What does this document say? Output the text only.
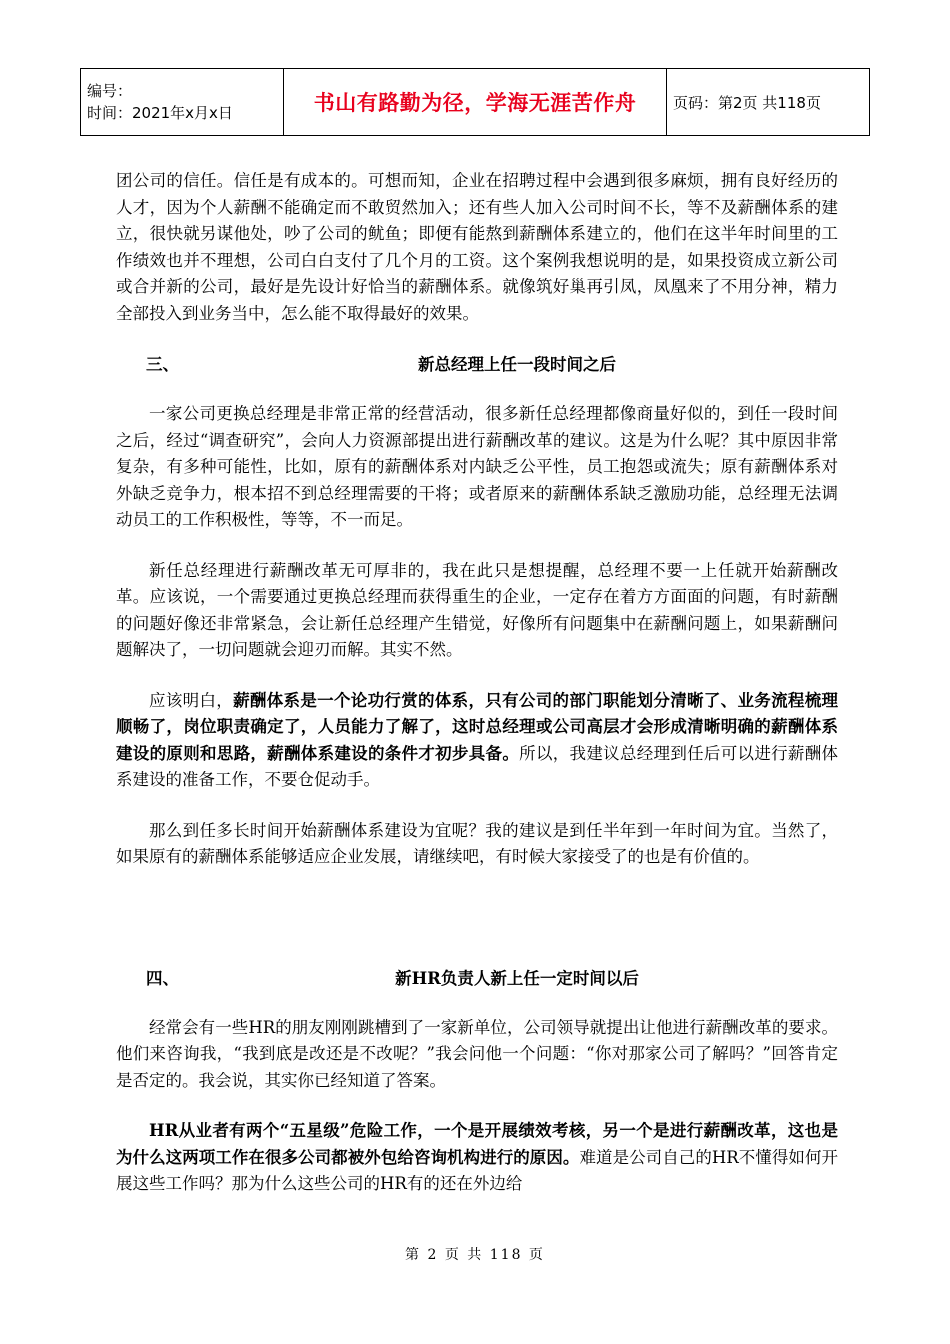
编号：
时间：2021年x月x日	书山有路勤为径，学海无涯苦作舟	页码：第2页 共118页

团公司的信任。信任是有成本的。可想而知，企业在招聘过程中会遇到很多麻烦，拥有良好经历的人才，因为个人薪酬不能确定而不敢贸然加入；还有些人加入公司时间不长，等不及薪酬体系的建立，很快就另谋他处，吵了公司的鱿鱼；即便有能熬到薪酬体系建立的，他们在这半年时间里的工作绩效也并不理想，公司白白支付了几个月的工资。这个案例我想说明的是，如果投资成立新公司或合并新的公司，最好是先设计好恰当的薪酬体系。就像筑好巢再引凤，凤凰来了不用分神，精力全部投入到业务当中，怎么能不取得最好的效果。

三、	新总经理上任一段时间之后

一家公司更换总经理是非常正常的经营活动，很多新任总经理都像商量好似的，到任一段时间之后，经过“调查研究”，会向人力资源部提出进行薪酬改革的建议。这是为什么呢？其中原因非常复杂，有多种可能性，比如，原有的薪酬体系对内缺乏公平性，员工抱怨或流失；原有薪酬体系对外缺乏竞争力，根本招不到总经理需要的干将；或者原来的薪酬体系缺乏激励功能，总经理无法调动员工的工作积极性，等等，不一而足。

新任总经理进行薪酬改革无可厚非的，我在此只是想提醒，总经理不要一上任就开始薪酬改革。应该说，一个需要通过更换总经理而获得重生的企业，一定存在着方方面面的问题，有时薪酬的问题好像还非常紧急，会让新任总经理产生错觉，好像所有问题集中在薪酬问题上，如果薪酬问题解决了，一切问题就会迎刃而解。其实不然。

应该明白，薪酬体系是一个论功行赏的体系，只有公司的部门职能划分清晰了、业务流程梳理顺畅了，岗位职责确定了，人员能力了解了，这时总经理或公司高层才会形成清晰明确的薪酬体系建设的原则和思路，薪酬体系建设的条件才初步具备。所以，我建议总经理到任后可以进行薪酬体系建设的准备工作，不要仓促动手。

那么到任多长时间开始薪酬体系建设为宜呢？我的建议是到任半年到一年时间为宜。当然了，如果原有的薪酬体系能够适应企业发展，请继续吧，有时候大家接受了的也是有价值的。

四、	新HR负责人新上任一定时间以后

经常会有一些HR的朋友刚刚跳槽到了一家新单位，公司领导就提出让他进行薪酬改革的要求。他们来咨询我，“我到底是改还是不改呢？”我会问他一个问题：“你对那家公司了解吗？”回答肯定是否定的。我会说，其实你已经知道了答案。

HR从业者有两个“五星级”危险工作，一个是开展绩效考核，另一个是进行薪酬改革，这也是为什么这两项工作在很多公司都被外包给咨询机构进行的原因。难道是公司自己的HR不懂得如何开展这些工作吗？那为什么这些公司的HR有的还在外边给

第 2 页 共 118 页
